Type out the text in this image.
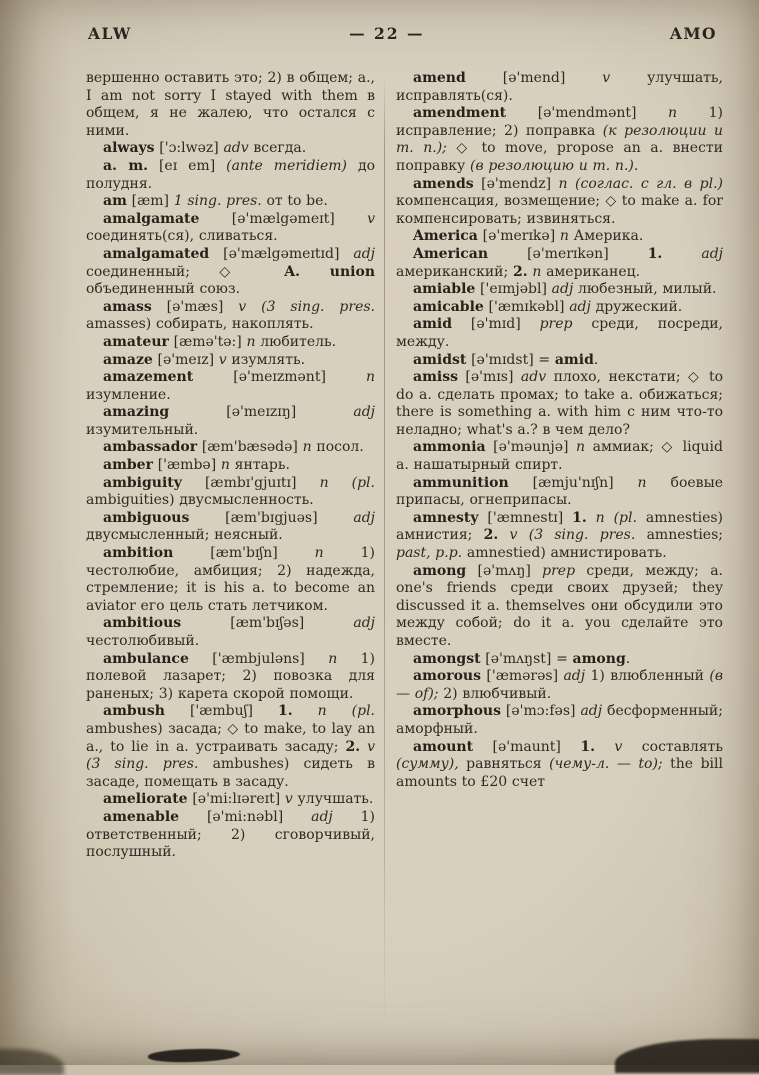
ALW	— 22 —	AMO

вершенно оставить это; 2) в общем; a., I am not sorry I stayed with them в общем, я не жалею, что остался с ними.

always ['ɔ:lwəz] adv всегда.

a. m. [eɪ em] (ante meridiem) до полудня.

am [æm] 1 sing. pres. от to be.

amalgamate [ə'mælgəmeɪt] v соединять(ся), сливаться.

amalgamated [ə'mælgəmeɪtɪd] adj соединенный; ◇ A. union объединенный союз.

amass [ə'mæs] v (3 sing. pres. amasses) собирать, накоплять.

amateur [æmə'tə:] n любитель.

amaze [ə'meɪz] v изумлять.

amazement [ə'meɪzmənt] n изумление.

amazing [ə'meɪzɪŋ] adj изумительный.

ambassador [æm'bæsədə] n посол.

amber ['æmbə] n янтарь.

ambiguity [æmbɪ'gjuɪtɪ] n (pl. ambiguities) двусмысленность.

ambiguous [æm'bɪgjuəs] adj двусмысленный; неясный.

ambition [æm'bɪʃn] n 1) честолюбие, амбиция; 2) надежда, стремление; it is his a. to become an aviator его цель стать летчиком.

ambitious [æm'bɪʃəs] adj честолюбивый.

ambulance ['æmbjuləns] n 1) полевой лазарет; 2) повозка для раненых; 3) карета скорой помощи.

ambush ['æmbuʃ] 1. n (pl. ambushes) засада; ◇ to make, to lay an a., to lie in a. устраивать засаду; 2. v (3 sing. pres. ambushes) сидеть в засаде, помещать в засаду.

ameliorate [ə'mi:lɪəreɪt] v улучшать.

amenable [ə'mi:nəbl] adj 1) ответственный; 2) сговорчивый, послушный.

amend [ə'mend] v улучшать, исправлять(ся).

amendment [ə'mendmənt] n 1) исправление; 2) поправка (к резолюции и т. п.); ◇ to move, propose an a. внести поправку (в резолюцию и т. п.).

amends [ə'mendz] n (соглас. с гл. в pl.) компенсация, возмещение; ◇ to make a. for компенсировать; извиняться.

America [ə'merɪkə] n Америка.

American [ə'merɪkən] 1.	adj американский; 2. n американец.

amiable ['eɪmjəbl] adj любезный, милый.

amicable ['æmɪkəbl] adj дружеский.

amid [ə'mɪd] prep среди, посреди, между.

amidst [ə'mɪdst] = amid.

amiss [ə'mɪs] adv плохо, некстати; ◇ to do a. сделать промах; to take a. обижаться; there is something a. with him с ним что-то неладно; what's a.? в чем дело?

ammonia [ə'məunjə] n аммиак; ◇ liquid a. нашатырный спирт.

ammunition [æmju'nɪʃn] n боевые припасы, огнеприпасы.

amnesty ['æmnestɪ] 1. n (pl. amnesties) амнистия; 2. v (3 sing. pres. amnesties; past, p.p. amnestied) амнистировать.

among [ə'mʌŋ] prep среди, между; a. one's friends среди своих друзей; they discussed it a. themselves они обсудили это между собой; do it a. you сделайте это вместе.

amongst [ə'mʌŋst] = among.

amorous ['æmərəs] adj 1) влюбленный (в — of); 2) влюбчивый.

amorphous [ə'mɔ:fəs] adj бесформенный; аморфный.

amount [ə'maunt] 1. v составлять (сумму), равняться (чему-л. — to); the bill amounts to £20 счет
